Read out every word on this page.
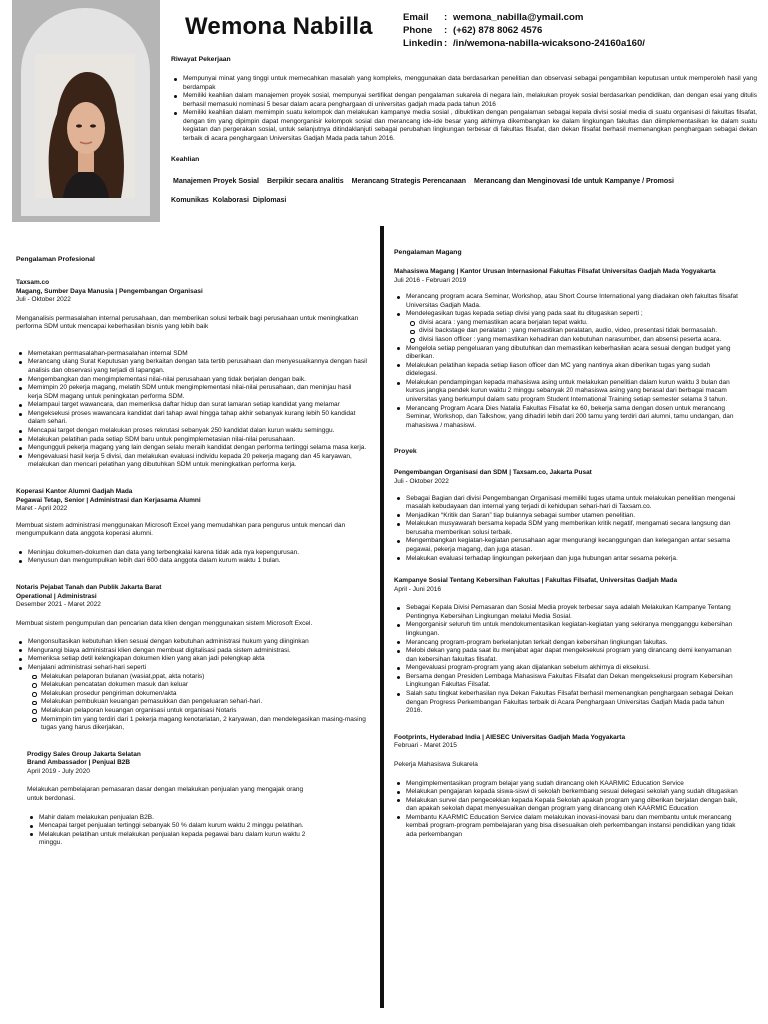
Wemona Nabilla	Email	: wemona_nabilla@ymail.com
Phone	: (+62) 878 8062 4576
Linkedin : /in/wemona-nabilla-wicaksono-24160a160/
Riwayat Pekerjaan
Mempunyai minat yang tinggi untuk memecahkan masalah yang kompleks, menggunakan data berdasarkan penelitian dan observasi sebagai pengambilan keputusan untuk memperoleh hasil yang berdampak
Memiliki keahlian dalam manajemen proyek sosial, mempunyai sertifikat dengan pengalaman sukarela di negara lain, melakukan proyek sosial berdasarkan pendidikan, dan dengan esai yang ditulis berhasil memasuki nominasi 5 besar dalam acara penghargaan di universitas gadjah mada pada tahun 2016
Memiliki keahlian dalam memimpin suatu kelompok dan melakukan kampanye media sosial , dibuktikan dengan pengalaman sebagai kepala divisi sosial media di suatu organisasi di fakultas filsafat, dengan tim yang dipimpin dapat mengorganisir kelompok sosial dan merancang ide-ide besar yang akhirnya dikembangkan ke dalam lingkungan fakultas dan diimplementasikan ke dalam suatu kegiatan dan pergerakan sosial, untuk selanjutnya ditindaklanjuti sebagai perubahan lingkungan terbesar di fakultas filsafat, dan dekan filsafat berhasil memenangkan penghargaan sebagai dekan terbaik di acara penghargaan Universitas Gadjah Mada pada tahun 2016.
Keahlian
Manajemen Proyek Sosial Berpikir secara analitis Merancang Strategis Perencanaan Merancang dan Menginovasi Ide untuk Kampanye / Promosi
Komunikas Kolaborasi Diplomasi
Pengalaman Profesional
Taxsam.co
Magang, Sumber Daya Manusia | Pengembangan Organisasi
Juli - Oktober 2022
Menganalisis permasalahan internal perusahaan, dan memberikan solusi terbaik bagi perusahaan untuk meningkatkan performa SDM untuk mencapai keberhasilan bisnis yang lebih baik
Memetakan permasalahan-permasalahan internal SDM
Merancang ulang Surat Keputusan yang berkaitan dengan tata tertib perusahaan dan menyesuaikannya dengan hasil analisis dan observasi yang terjadi di lapangan.
Mengembangkan dan mengimplementasi nilai-nilai perusahaan yang tidak berjalan dengan baik.
Memimpin 20 pekerja magang, melatih SDM untuk mengimplementasi nilai-nilai perusahaan, dan meninjau hasil kerja SDM magang untuk peningkatan performa SDM.
Melampaui target wawancara, dan memeriksa daftar hidup dan surat lamaran setiap kandidat yang melamar
Mengeksekusi proses wawancara kandidat dari tahap awal hingga tahap akhir sebanyak kurang lebih 50 kandidat dalam sehari.
Mencapai target dengan melakukan proses rekrutasi sebanyak 250 kandidat dalan kurun waktu seminggu.
Melakukan pelatihan pada setiap SDM baru untuk pengimplemetasian nilai-nilai perusahaan.
Mengungguli pekerja magang yang lain dengan selalu meraih kandidat dengan performa tertinggi selama masa kerja.
Mengevaluasi hasil kerja 5 divisi, dan melakukan evaluasi individu kepada 20 pekerja magang dan 45 karyawan, melakukan dan mencari pelatihan yang dibutuhkan SDM untuk meningkatkan performa kerja.
Koperasi Kantor Alumni Gadjah Mada
Pegawai Tetap, Senior | Administrasi dan Kerjasama Alumni
Maret - April 2022
Membuat sistem administrasi menggunakan Microsoft Excel yang memudahkan para pengurus untuk mencari dan mengumpulkann data anggota koperasi alumni.
Meninjau dokumen-dokumen dan data yang terbengkalai karena tidak ada nya kepengurusan.
Menyusun dan mengumpulkan lebih dari 600 data anggota dalam kurum waktu 1 bulan.
Notaris Pejabat Tanah dan Publik Jakarta Barat
Operational | Administrasi
Desember 2021 - Maret 2022
Membuat sistem pengumpulan dan pencarian data klien dengan menggunakan sistem Microsoft Excel.
Mengonsultasikan kebutuhan klien sesuai dengan kebutuhan administrasi hukum yang diinginkan
Mengurangi biaya administrasi klien dengan membuat digitalisasi pada sistem administrasi.
Memeriksa setiap detil kelengkapan dokumen klien yang akan jadi pelengkap akta
Menjalani administrasi sehari-hari seperti
Melakukan pelaporan bulanan (wasiat,ppat, akta notaris)
Melakukan pencatatan dokumen masuk dan keluar
Melakukan prosedur pengiriman dokumen/akta
Melakukan pembukuan keuangan pemasukkan dan pengeluaran sehari-hari.
Melakukan pelaporan keuangan organisasi untuk organisasi Notaris
Memimpin tim yang terdiri dari 1 pekerja magang kenotariatan, 2 karyawan, dan mendelegasikan masing-masing tugas yang harus dikerjakan,
Prodigy Sales Group Jakarta Selatan
Brand Ambassador | Penjual B2B
April 2019 - July 2020
Melakukan pembelajaran pemasaran dasar dengan melakukan penjualan yang mengajak orang untuk berdonasi.
Mahir dalam melakukan penjualan B2B.
Mencapai target penjualan tertinggi sebanyak 50 % dalam kurum waktu 2 minggu pelatihan.
Melakukan pelatihan untuk melakukan penjualan kepada pegawai baru dalam kurun waktu 2 minggu.
Pengalaman Magang
Mahasiswa Magang | Kantor Urusan Internasional Fakultas Filsafat Universitas Gadjah Mada Yogyakarta
Juli 2016 - Februari 2019
Merancang program acara Seminar, Workshop, atau Short Course International yang diadakan oleh fakultas filsafat Universitas Gadjah Mada.
Mendelegasikan tugas kepada setiap divisi yang pada saat itu ditugaskan seperti ;
divisi acara : yang memastikan acara berjalan tepat waktu.
divisi backstage dan peralatan : yang memastikan peralatan, audio, video, presentasi tidak bermasalah.
divisi liason officer : yang memastikan kehadiran dan kebutuhan narasumber, dan absensi peserta acara.
Mengelola setiap pengeluaran yang dibutuhkan dan memastikan keberhasilan acara sesuai dengan budget yang diberikan.
Melakukan pelatihan kepada setiap liason officer dan MC yang nantinya akan diberikan tugas yang sudah didelegasi.
Melakukan pendampingan kepada mahasiswa asing untuk melakukan penelitian dalam kurun waktu 3 bulan dan kursus jangka pendek kurun waktu 2 minggu sebanyak 20 mahasiswa asing yang berasal dari berbagai macam universitas yang berkumpul dalam satu program Student International Training setiap semester selama 3 tahun.
Merancang Program Acara Dies Natalia Fakultas Filsafat ke 60, bekerja sama dengan dosen untuk merancang Seminar, Workshop, dan Talkshow, yang dihadiri lebih dari 200 tamu yang terdiri dari alumni, tamu undangan, dan mahasiswa / mahasiswi.
Proyek
Pengembangan Organisasi dan SDM | Taxsam.co, Jakarta Pusat
Juli - Oktober 2022
Sebagai Bagian dari divisi Pengembangan Organisasi memiliki tugas utama untuk melakukan penelitian mengenai masalah kebudayaan dan internal yang terjadi di kehidupan sehari-hari di Taxsam.co.
Menjadikan “Kritik dan Saran” tiap bulannya sebagai sumber utamen penelitian.
Melakukan musyawarah bersama kepada SDM yang memberikan kritik negatif, mengamati secara langsung dan berusaha memberikan solusi terbaik.
Mengembangkan kegiatan-kegiatan perusahaan agar mengurangi kecanggungan dan kelegangan antar sesama pegawai, pekerja magang, dan juga atasan.
Melakukan evaluasi terhadap lingkungan pekerjaan dan juga hubungan antar sesama pekerja.
Kampanye Sosial Tentang Kebersihan Fakultas | Fakultas Filsafat, Universitas Gadjah Mada
April - Juni 2016
Sebagai Kepala Divisi Pemasaran dan Sosial Media proyek terbesar saya adalah Melakukan Kampanye Tentang Pentingnya Kebersihan Lingkungan melalui Media Sosial.
Mengorganisir seluruh tim untuk mendokumentasikan kegiatan-kegiatan yang sekiranya mengganggu kebersihan lingkungan.
Merancang program-program berkelanjutan terkait dengan kebersihan lingkungan fakultas.
Melobi dekan yang pada saat itu menjabat agar dapat mengeksekusi program yang dirancang demi kenyamanan dan kebersihan fakultas filsafat.
Mengevaluasi program-program yang akan dijalankan sebelum akhirnya di eksekusi.
Bersama dengan Presiden Lembaga Mahasiswa Fakultas Filsafat dan Dekan mengeksekusi program Kebersihan Lingkungan Fakultas Filsafat.
Salah satu tingkat keberhasilan nya Dekan Fakultas Filsafat berhasil memenangkan penghargaan sebagai Dekan dengan Progress Perkembangan Fakultas terbaik di Acara Penghargaan Universitas Gadjah Mada pada tahun 2016.
Footprints, Hyderabad India | AIESEC Universitas Gadjah Mada Yogyakarta
Februari - Maret 2015
Pekerja Mahasiswa Sukarela
Mengimplementasikan program belajar yang sudah dirancang oleh KAARMIC Education Service
Melakukan pengajaran kepada siswa-siswi di sekolah berkembang sesuai delegasi sekolah yang sudah ditugaskan
Melakukan survei dan pengecekkan kepada Kepala Sekolah apakah program yang diberikan berjalan dengan baik, dan apakah sekolah dapat menyesuaikan dengan program yang dirancang oleh KAARMIC Education
Membantu KAARMIC Education Service dalam melakukan inovasi-inovasi baru dan membantu untuk merancang kembali program-program pembelajaran yang bisa disesuaikan oleh perkembangan instansi pendidikan yang tidak ada perkembangan
